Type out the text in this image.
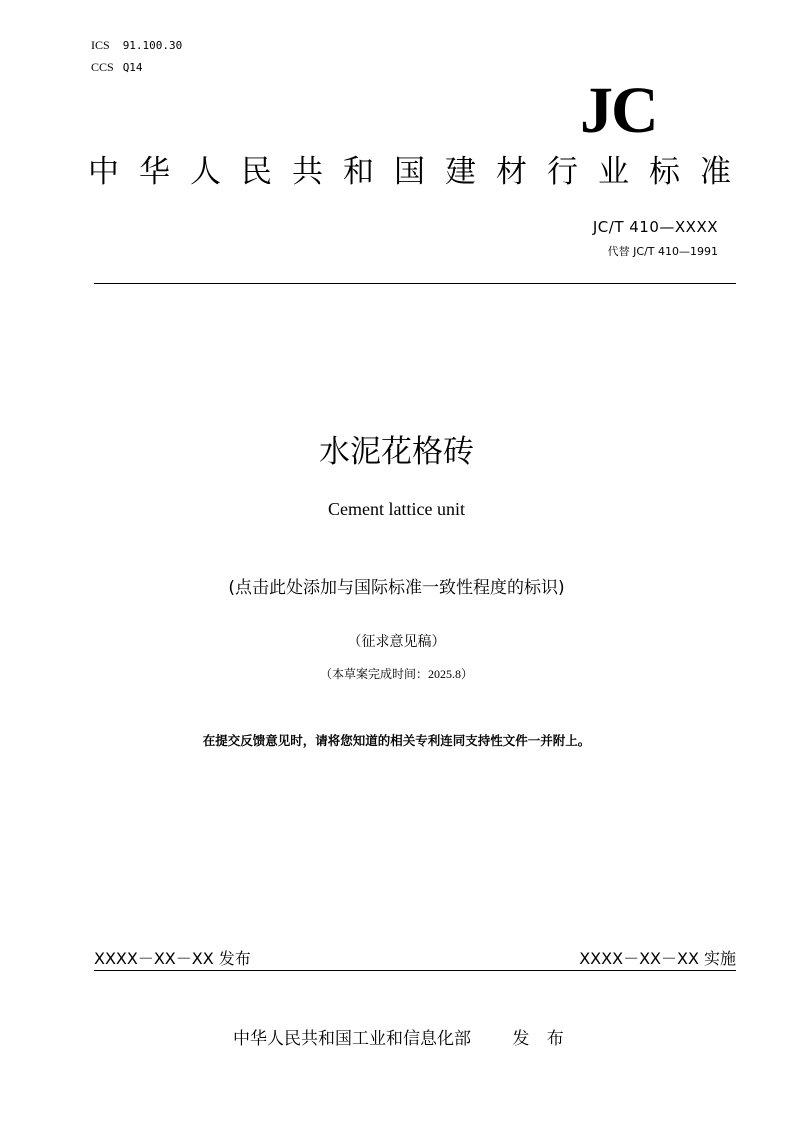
ICS 91.100.30
CCS Q14
JC
中华人民共和国建材行业标准
JC/T 410—XXXX
代替 JC/T 410—1991
水泥花格砖
Cement lattice unit
(点击此处添加与国际标准一致性程度的标识)
（征求意见稿）
（本草案完成时间：2025.8）
在提交反馈意见时，请将您知道的相关专利连同支持性文件一并附上。
XXXX－XX－XX 发布	XXXX－XX－XX 实施
中华人民共和国工业和信息化部 发 布
